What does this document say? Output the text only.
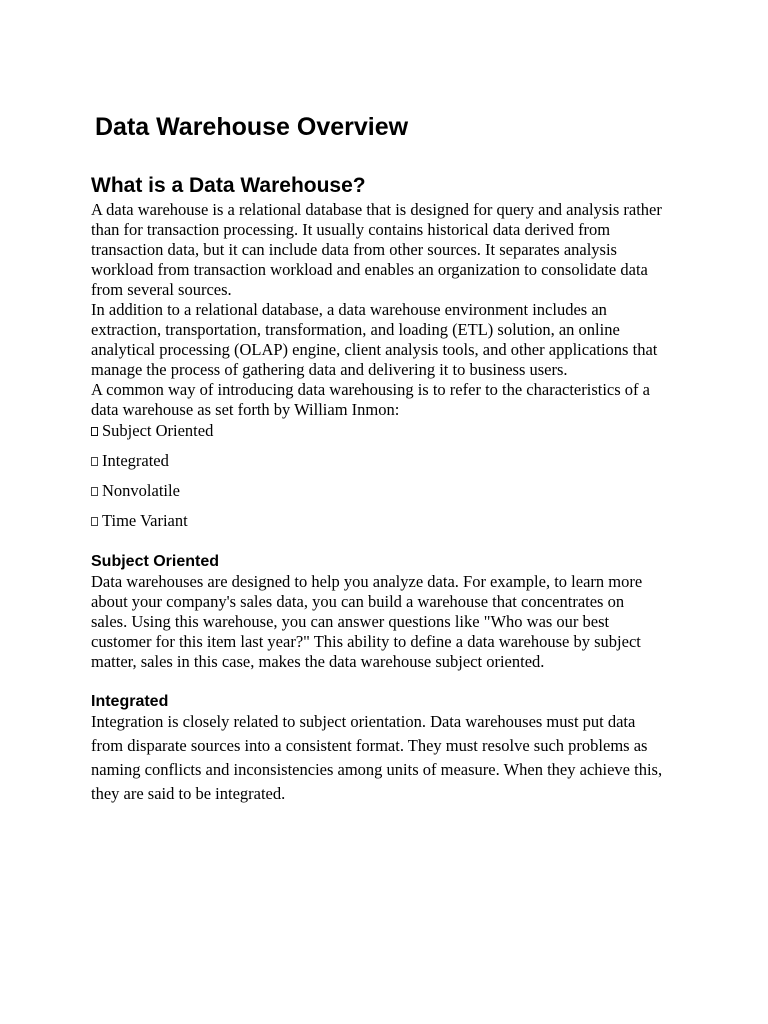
Data Warehouse Overview
What is a Data Warehouse?

A data warehouse is a relational database that is designed for query and analysis rather
than for transaction processing. It usually contains historical data derived from
transaction data, but it can include data from other sources. It separates analysis
workload from transaction workload and enables an organization to consolidate data
from several sources.

In addition to a relational database, a data warehouse environment includes an
extraction, transportation, transformation, and loading (ETL) solution, an online
analytical processing (OLAP) engine, client analysis tools, and other applications that
manage the process of gathering data and delivering it to business users.

A common way of introducing data warehousing is to refer to the characteristics of a
data warehouse as set forth by William Inmon:

Subject Oriented
Integrated
Nonvolatile
Time Variant
Subject Oriented

Data warehouses are designed to help you analyze data. For example, to learn more
about your company's sales data, you can build a warehouse that concentrates on
sales. Using this warehouse, you can answer questions like "Who was our best
customer for this item last year?" This ability to define a data warehouse by subject
matter, sales in this case, makes the data warehouse subject oriented.

Integrated

Integration is closely related to subject orientation. Data warehouses must put data
from disparate sources into a consistent format. They must resolve such problems as
naming conflicts and inconsistencies among units of measure. When they achieve this,
they are said to be integrated.
